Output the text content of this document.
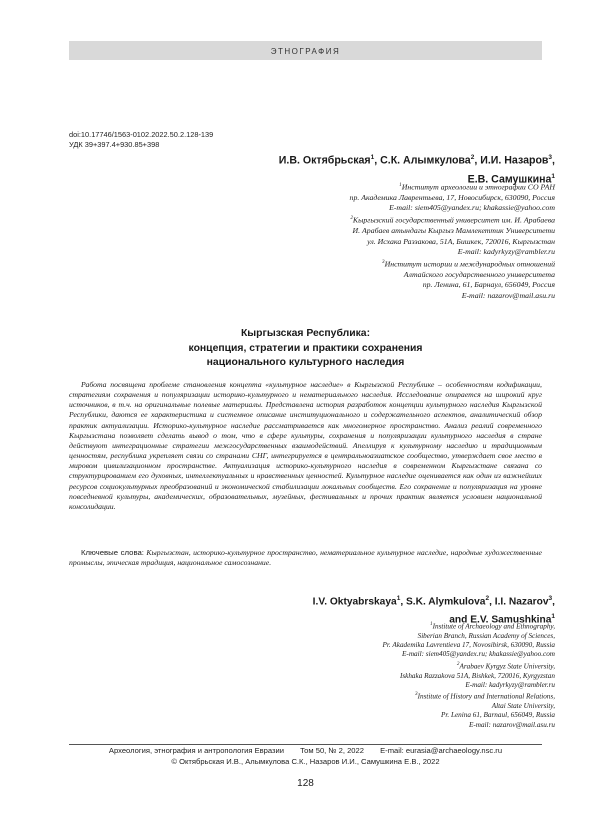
ЭТНОГРАФИЯ
doi:10.17746/1563-0102.2022.50.2.128-139
УДК 39+397.4+930.85+398
И.В. Октябрьская$^1$, С.К. Алымкулова$^2$, И.И. Назаров$^3$,
Е.В. Самушкина$^1$
$^1$Институт археологии и этнографии СО РАН
пр. Академика Лаврентьева, 17, Новосибирск, 630090, Россия
E-mail: siem405@yandex.ru; khakassie@yahoo.com
$^2$Кыргызский государственный университет им. И. Арабаева
И. Арабаев атындагы Кыргыз Мамлекеттик Университети
ул. Исхака Раззакова, 51А, Бишкек, 720016, Кыргызстан
E-mail: kadyrkyzy@rambler.ru
$^3$Институт истории и международных отношений
Алтайского государственного университета
пр. Ленина, 61, Барнаул, 656049, Россия
E-mail: nazarov@mail.asu.ru
Кыргызская Республика:
концепция, стратегии и практики сохранения
национального культурного наследия

Работа посвящена проблеме становления концепта «культурное наследие» в Кыргызской Республике – особенностям кодификации, стратегиям сохранения и популяризации историко-культурного и нематериального наследия. Исследование опирается на широкий круг источников, в т.ч. на оригинальные полевые материалы. Представлена история разработок концепции культурного наследия Кыргызской Республики, даются ее характеристика и системное описание институционального и содержательного аспектов, аналитический обзор практик актуализации. Историко-культурное наследие рассматривается как многомерное пространство. Анализ реалий современного Кыргызстана позволяет сделать вывод о том, что в сфере культуры, сохранения и популяризации культурного наследия в стране действуют интеграционные стратегии межгосударственных взаимодействий. Апеллируя к культурному наследию и традиционным ценностям, республика укрепляет связи со странами СНГ, интегрируется в центральноазиатское сообщество, утверждает свое место в мировом цивилизационном пространстве. Актуализация историко-культурного наследия в современном Кыргызстане связана со структурированием его духовных, интеллектуальных и нравственных ценностей. Культурное наследие оценивается как один из важнейших ресурсов социокультурных преобразований и экономической стабилизации локальных сообществ. Его сохранение и популяризация на уровне повседневной культуры, академических, образовательных, музейных, фестивальных и прочих практик является условием национальной консолидации.

Ключевые слова: Кыргызстан, историко-культурное пространство, нематериальное культурное наследие, народные художественные промыслы, эпическая традиция, национальное самосознание.

I.V. Oktyabrskaya$^1$, S.K. Alymkulova$^2$, I.I. Nazarov$^3$,
and E.V. Samushkina$^1$
$^1$Institute of Archaeology and Ethnography,
Siberian Branch, Russian Academy of Sciences,
Pr. Akademika Lavrentieva 17, Novosibirsk, 630090, Russia
E-mail: siem405@yandex.ru; khakassie@yahoo.com
$^2$Arabaev Kyrgyz State University,
Iskhaka Razzakova 51A, Bishkek, 720016, Kyrgyzstan
E-mail: kadyrkyzy@rambler.ru
$^3$Institute of History and International Relations,
Altai State University,
Pr. Lenina 61, Barnaul, 656049, Russia
E-mail: nazarov@mail.asu.ru
Археология, этнография и антропология Евразии Том 50, № 2, 2022 E-mail: eurasia@archaeology.nsc.ru
© Октябрьская И.В., Алымкулова С.К., Назаров И.И., Самушкина Е.В., 2022
128
